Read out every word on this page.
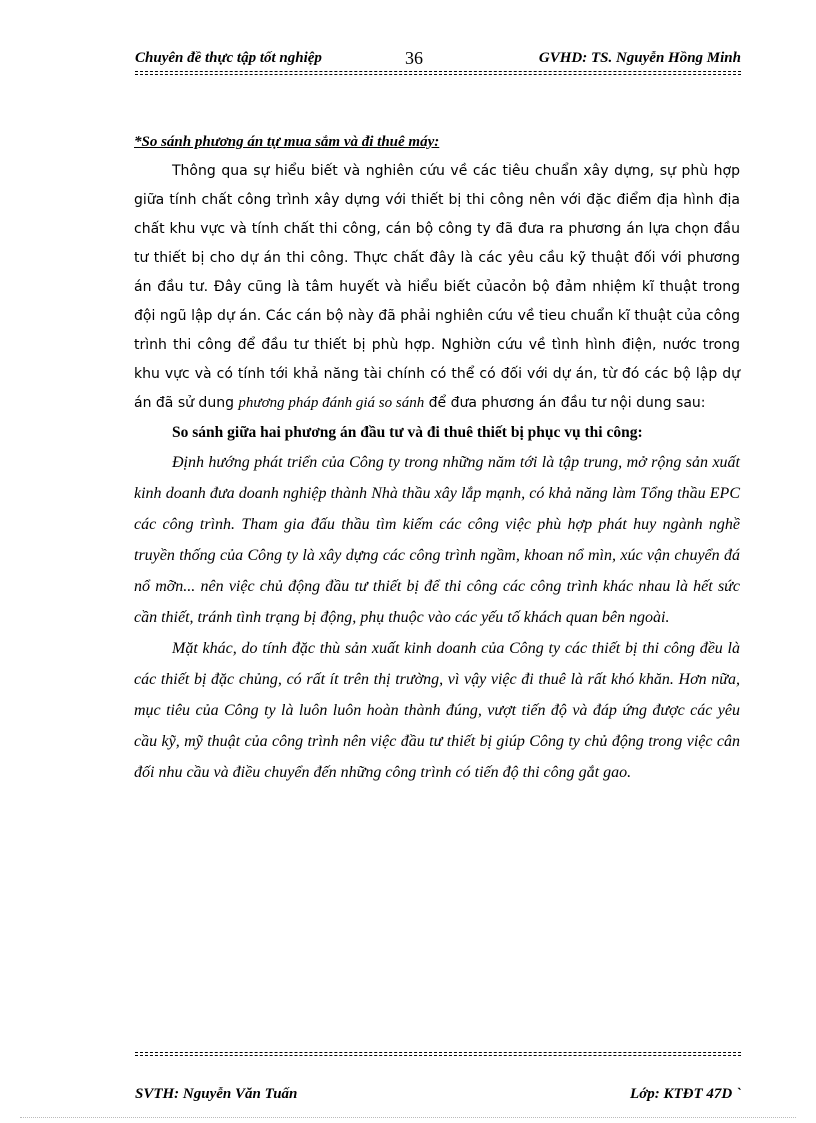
Chuyên đề thực tập tốt nghiệp	36	GVHD: TS. Nguyễn Hồng Minh

*So sánh phương án tự mua sắm và đi thuê máy:

Thông qua sự hiểu biết và nghiên cứu về các tiêu chuẩn xây dựng, sự phù hợp giữa tính chất công trình xây dựng với thiết bị thi công nên với đặc điểm địa hình địa chất khu vực và tính chất thi công, cán bộ công ty đã đưa ra phương án lựa chọn đầu tư thiết bị cho dự án thi công. Thực chất đây là các yêu cầu kỹ thuật đối với phương án đầu tư. Đây cũng là tâm huyết và hiểu biết củacỏn bộ đảm nhiệm kĩ thuật trong đội ngũ lập dự án. Các cán bộ này đã phải nghiên cứu về tieu chuẩn kĩ thuật của công trình thi công để đầu tư thiết bị phù hợp. Nghiờn cứu về tình hình điện, nước trong khu vực và có tính tới khả năng tài chính có thể có đối với dự án, từ đó các bộ lập dự án đã sử dung phương pháp đánh giá so sánh để đưa phương án đầu tư nội dung sau:

So sánh giữa hai phương án đầu tư và đi thuê thiết bị phục vụ thi công:

Định hướng phát triển của Công ty trong những năm tới là tập trung, mở rộng sản xuất kinh doanh đưa doanh nghiệp thành Nhà thầu xây lắp mạnh, có khả năng làm Tổng thầu EPC các công trình. Tham gia đấu thầu tìm kiếm các công việc phù hợp phát huy ngành nghề truyền thống của Công ty là xây dựng các công trình ngầm, khoan nổ mìn, xúc vận chuyển đá nổ mỡn... nên việc chủ động đầu tư thiết bị để thi công các công trình khác nhau là hết sức cần thiết, tránh tình trạng bị động, phụ thuộc vào các yếu tố khách quan bên ngoài.

Mặt khác, do tính đặc thù sản xuất kinh doanh của Công ty các thiết bị thi công đều là các thiết bị đặc chủng, có rất ít trên thị trường, vì vậy việc đi thuê là rất khó khăn. Hơn nữa, mục tiêu của Công ty là luôn luôn hoàn thành đúng, vượt tiến độ và đáp ứng được các yêu cầu kỹ, mỹ thuật của công trình nên việc đầu tư thiết bị giúp Công ty chủ động trong việc cân đối nhu cầu và điều chuyển đến những công trình có tiến độ thi công gắt gao.

SVTH: Nguyễn Văn Tuấn	Lớp: KTĐT 47D `
